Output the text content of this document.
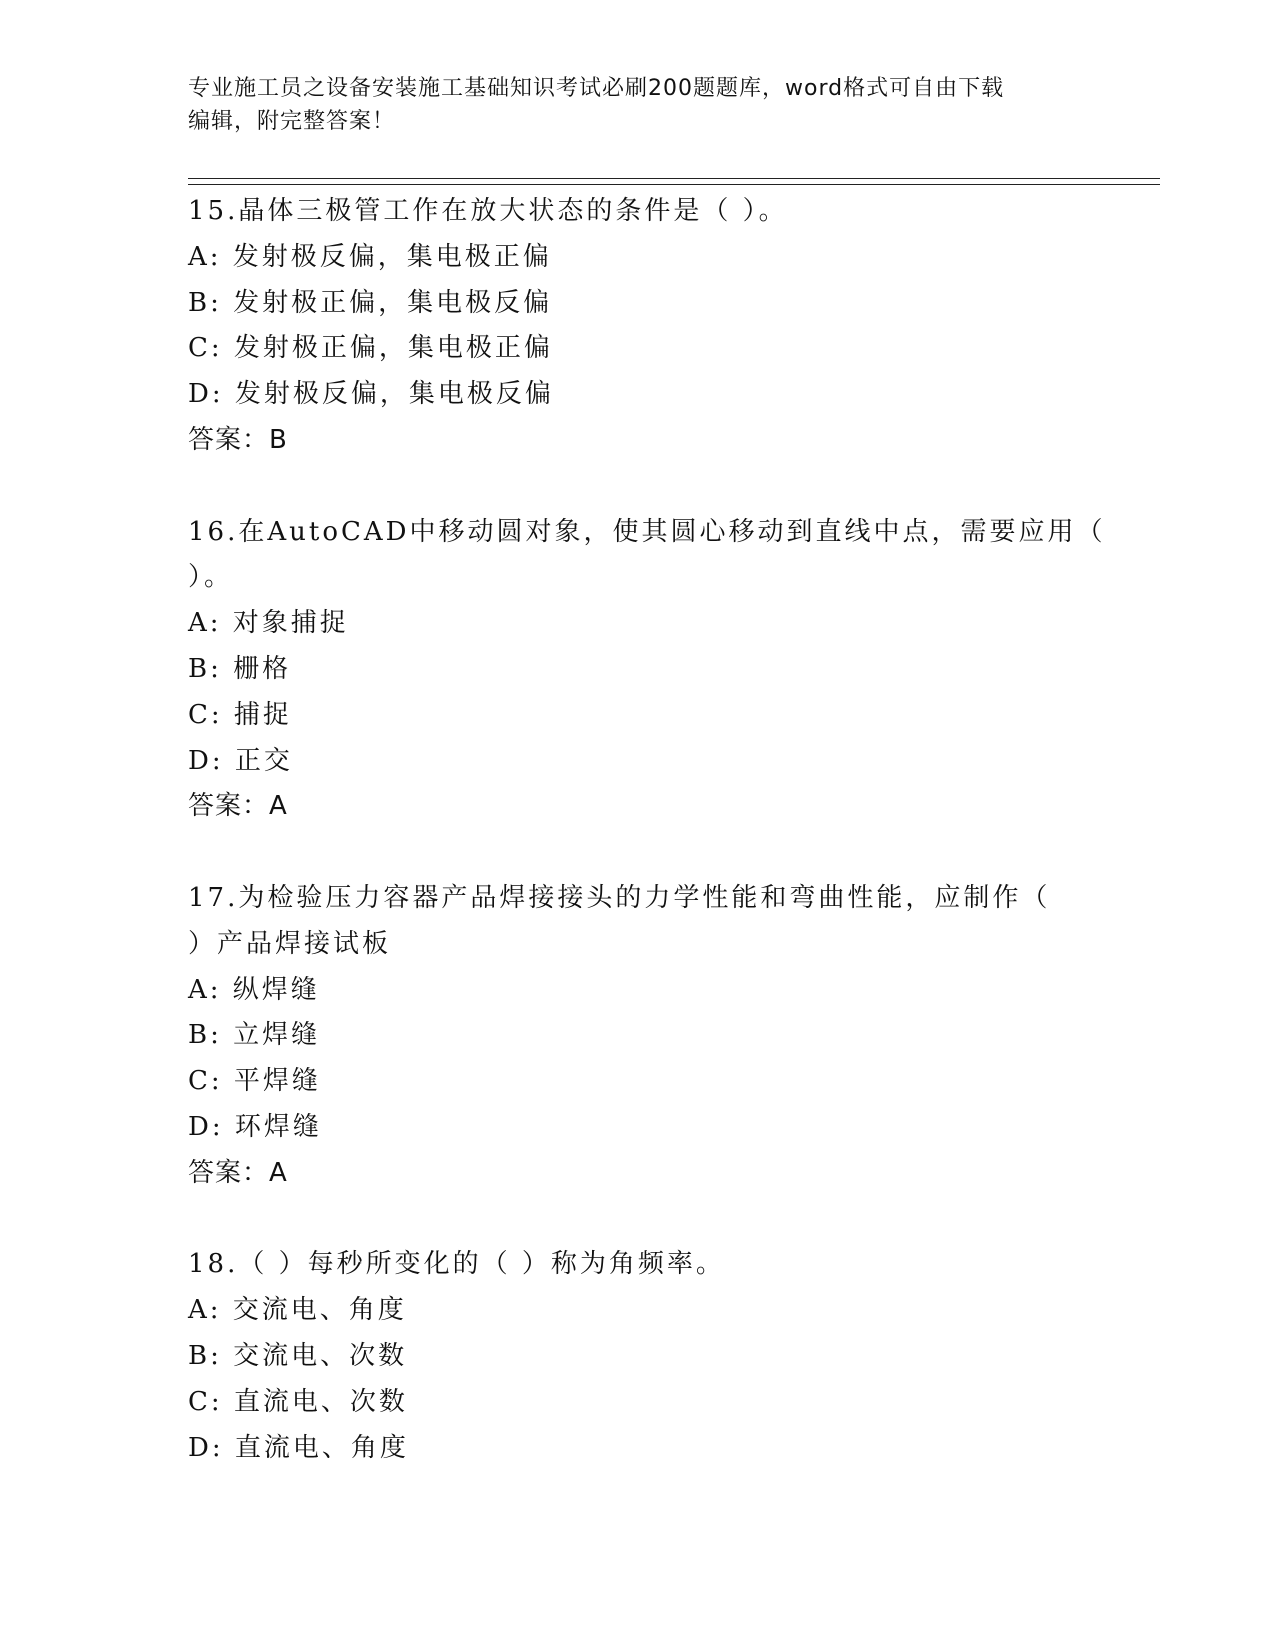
专业施工员之设备安装施工基础知识考试必刷200题题库，word格式可自由下载
编辑，附完整答案！
15.晶体三极管工作在放大状态的条件是（ ）。
A: 发射极反偏，集电极正偏
B: 发射极正偏，集电极反偏
C: 发射极正偏，集电极正偏
D: 发射极反偏，集电极反偏
答案：B
16.在AutoCAD中移动圆对象，使其圆心移动到直线中点，需要应用（
）。
A: 对象捕捉
B: 栅格
C: 捕捉
D: 正交
答案：A
17.为检验压力容器产品焊接接头的力学性能和弯曲性能，应制作（
）产品焊接试板
A: 纵焊缝
B: 立焊缝
C: 平焊缝
D: 环焊缝
答案：A
18.（ ）每秒所变化的（ ）称为角频率。
A: 交流电、角度
B: 交流电、次数
C: 直流电、次数
D: 直流电、角度
